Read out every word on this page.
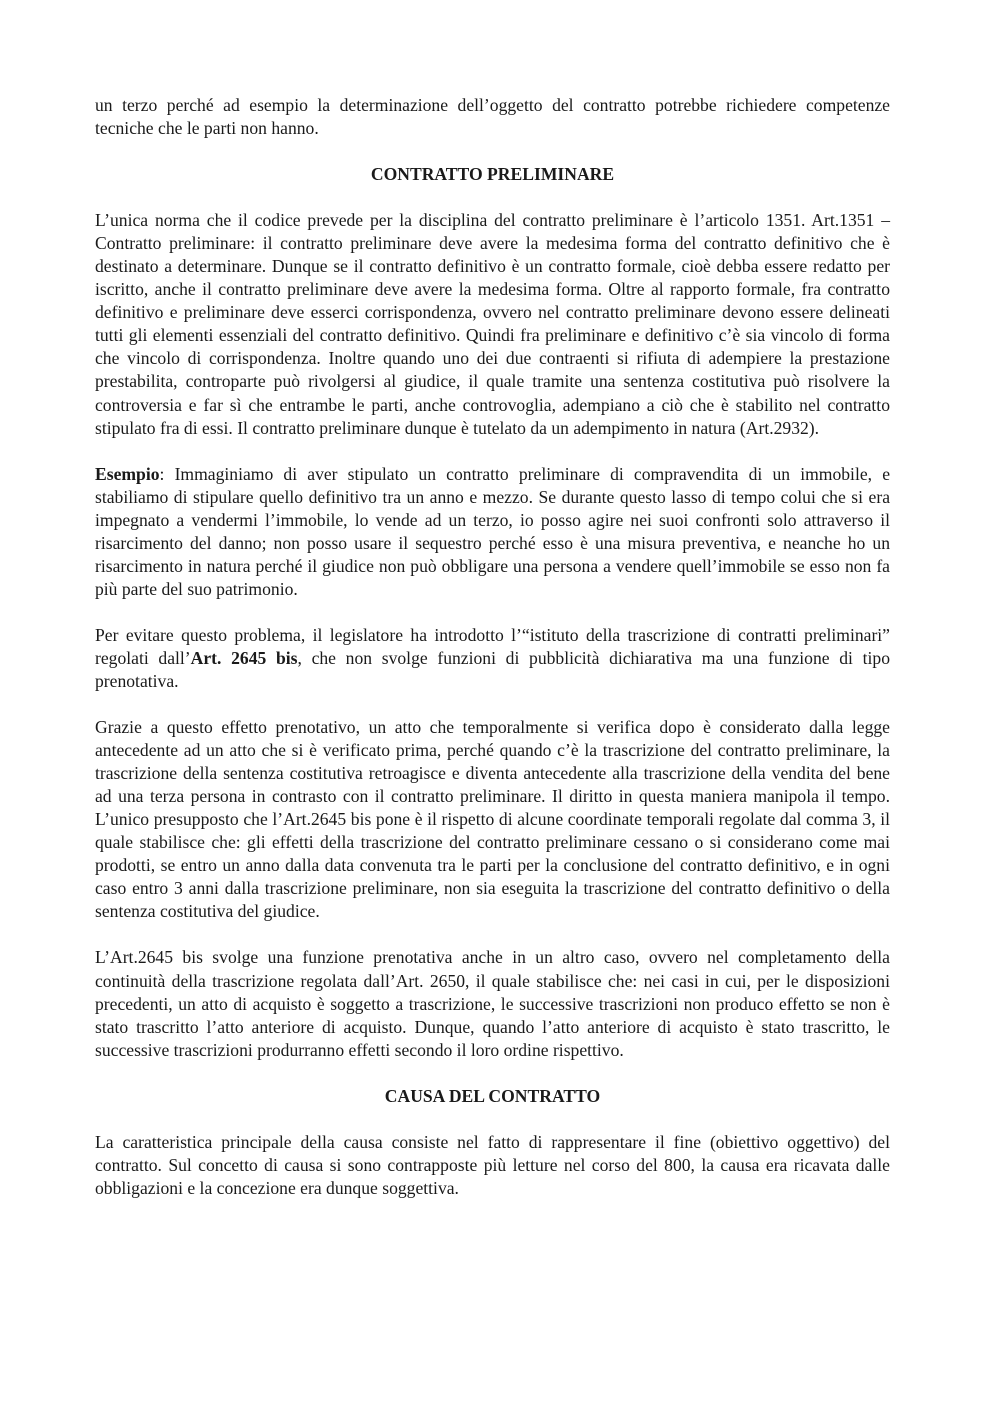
un terzo perché ad esempio la determinazione dell’oggetto del contratto potrebbe richiedere competenze tecniche che le parti non hanno.

CONTRATTO PRELIMINARE

L’unica norma che il codice prevede per la disciplina del contratto preliminare è l’articolo 1351. Art.1351 – Contratto preliminare: il contratto preliminare deve avere la medesima forma del contratto definitivo che è destinato a determinare. Dunque se il contratto definitivo è un contratto formale, cioè debba essere redatto per iscritto, anche il contratto preliminare deve avere la medesima forma. Oltre al rapporto formale, fra contratto definitivo e preliminare deve esserci corrispondenza, ovvero nel contratto preliminare devono essere delineati tutti gli elementi essenziali del contratto definitivo. Quindi fra preliminare e definitivo c’è sia vincolo di forma che vincolo di corrispondenza. Inoltre quando uno dei due contraenti si rifiuta di adempiere la prestazione prestabilita, controparte può rivolgersi al giudice, il quale tramite una sentenza costitutiva può risolvere la controversia e far sì che entrambe le parti, anche controvoglia, adempiano a ciò che è stabilito nel contratto stipulato fra di essi. Il contratto preliminare dunque è tutelato da un adempimento in natura (Art.2932).

Esempio: Immaginiamo di aver stipulato un contratto preliminare di compravendita di un immobile, e stabiliamo di stipulare quello definitivo tra un anno e mezzo. Se durante questo lasso di tempo colui che si era impegnato a vendermi l’immobile, lo vende ad un terzo, io posso agire nei suoi confronti solo attraverso il risarcimento del danno; non posso usare il sequestro perché esso è una misura preventiva, e neanche ho un risarcimento in natura perché il giudice non può obbligare una persona a vendere quell’immobile se esso non fa più parte del suo patrimonio.

Per evitare questo problema, il legislatore ha introdotto l’“istituto della trascrizione di contratti preliminari” regolati dall’Art. 2645 bis, che non svolge funzioni di pubblicità dichiarativa ma una funzione di tipo prenotativa.

Grazie a questo effetto prenotativo, un atto che temporalmente si verifica dopo è considerato dalla legge antecedente ad un atto che si è verificato prima, perché quando c’è la trascrizione del contratto preliminare, la trascrizione della sentenza costitutiva retroagisce e diventa antecedente alla trascrizione della vendita del bene ad una terza persona in contrasto con il contratto preliminare. Il diritto in questa maniera manipola il tempo. L’unico presupposto che l’Art.2645 bis pone è il rispetto di alcune coordinate temporali regolate dal comma 3, il quale stabilisce che: gli effetti della trascrizione del contratto preliminare cessano o si considerano come mai prodotti, se entro un anno dalla data convenuta tra le parti per la conclusione del contratto definitivo, e in ogni caso entro 3 anni dalla trascrizione preliminare, non sia eseguita la trascrizione del contratto definitivo o della sentenza costitutiva del giudice.

L’Art.2645 bis svolge una funzione prenotativa anche in un altro caso, ovvero nel completamento della continuità della trascrizione regolata dall’Art. 2650, il quale stabilisce che: nei casi in cui, per le disposizioni precedenti, un atto di acquisto è soggetto a trascrizione, le successive trascrizioni non produco effetto se non è stato trascritto l’atto anteriore di acquisto. Dunque, quando l’atto anteriore di acquisto è stato trascritto, le successive trascrizioni produrranno effetti secondo il loro ordine rispettivo.

CAUSA DEL CONTRATTO

La caratteristica principale della causa consiste nel fatto di rappresentare il fine (obiettivo oggettivo) del contratto. Sul concetto di causa si sono contrapposte più letture nel corso del 800, la causa era ricavata dalle obbligazioni e la concezione era dunque soggettiva.
